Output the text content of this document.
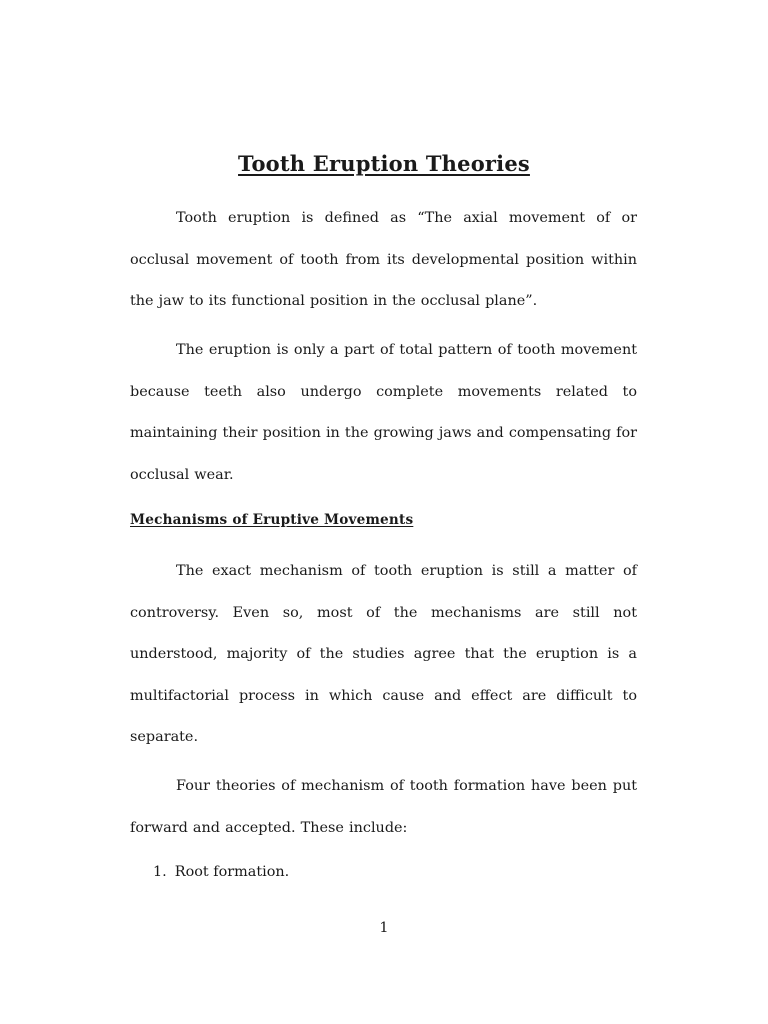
Tooth Eruption Theories

Tooth eruption is defined as “The axial movement of or occlusal movement of tooth from its developmental position within the jaw to its functional position in the occlusal plane”.

The eruption is only a part of total pattern of tooth movement because teeth also undergo complete movements related to maintaining their position in the growing jaws and compensating for occlusal wear.

Mechanisms of Eruptive Movements

The exact mechanism of tooth eruption is still a matter of controversy. Even so, most of the mechanisms are still not understood, majority of the studies agree that the eruption is a multifactorial process in which cause and effect are difficult to separate.

Four theories of mechanism of tooth formation have been put forward and accepted. These include:

1. Root formation.

1
